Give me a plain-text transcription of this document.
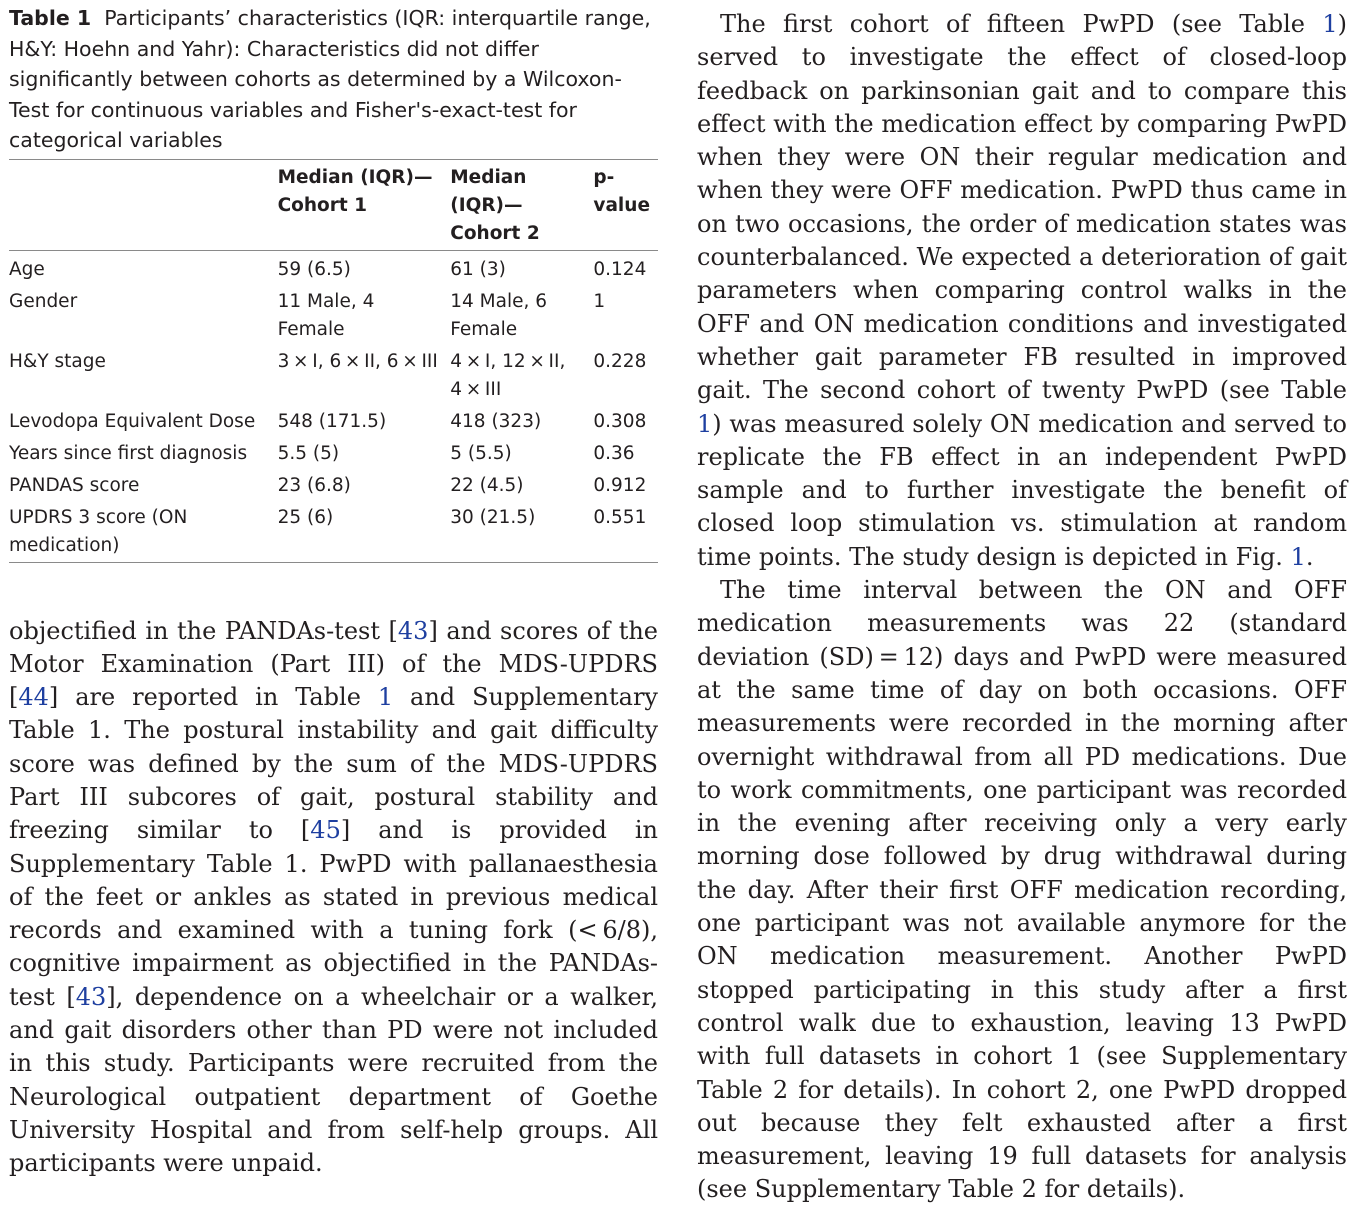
Table 1 Participants’ characteristics (IQR: interquartile range, H&Y: Hoehn and Yahr): Characteristics did not differ significantly between cohorts as determined by a Wilcoxon-Test for continuous variables and Fisher's-exact-test for categorical variables
	Median (IQR)—Cohort 1	Median (IQR)—Cohort 2	p-value
Age	59 (6.5)	61 (3)	0.124
Gender	11 Male, 4 Female	14 Male, 6 Female	1
H&Y stage	3 × I, 6 × II, 6 × III	4 × I, 12 × II, 4 × III	0.228
Levodopa Equivalent Dose	548 (171.5)	418 (323)	0.308
Years since first diagnosis	5.5 (5)	5 (5.5)	0.36
PANDAS score	23 (6.8)	22 (4.5)	0.912
UPDRS 3 score (ON medication)	25 (6)	30 (21.5)	0.551

objectified in the PANDAs-test [43] and scores of the Motor Examination (Part III) of the MDS-UPDRS [44] are reported in Table 1 and Supplementary Table 1. The postural instability and gait difficulty score was defined by the sum of the MDS-UPDRS Part III subcores of gait, postural stability and freezing similar to [45] and is provided in Supplementary Table 1. PwPD with pallanaesthesia of the feet or ankles as stated in previous medical records and examined with a tuning fork (< 6/8), cognitive impairment as objectified in the PANDAs-test [43], dependence on a wheelchair or a walker, and gait disorders other than PD were not included in this study. Participants were recruited from the Neurological outpatient department of Goethe University Hospital and from self-help groups. All participants were unpaid.

The first cohort of fifteen PwPD (see Table 1) served to investigate the effect of closed-loop feedback on parkinsonian gait and to compare this effect with the medication effect by comparing PwPD when they were ON their regular medication and when they were OFF medication. PwPD thus came in on two occasions, the order of medication states was counterbalanced. We expected a deterioration of gait parameters when comparing control walks in the OFF and ON medication conditions and investigated whether gait parameter FB resulted in improved gait. The second cohort of twenty PwPD (see Table 1) was measured solely ON medication and served to replicate the FB effect in an independent PwPD sample and to further investigate the benefit of closed loop stimulation vs. stimulation at random time points. The study design is depicted in Fig. 1.

The time interval between the ON and OFF medication measurements was 22 (standard deviation (SD) = 12) days and PwPD were measured at the same time of day on both occasions. OFF measurements were recorded in the morning after overnight withdrawal from all PD medications. Due to work commitments, one participant was recorded in the evening after receiving only a very early morning dose followed by drug withdrawal during the day. After their first OFF medication recording, one participant was not available anymore for the ON medication measurement. Another PwPD stopped participating in this study after a first control walk due to exhaustion, leaving 13 PwPD with full datasets in cohort 1 (see Supplementary Table 2 for details). In cohort 2, one PwPD dropped out because they felt exhausted after a first measurement, leaving 19 full datasets for analysis (see Supplementary Table 2 for details).
